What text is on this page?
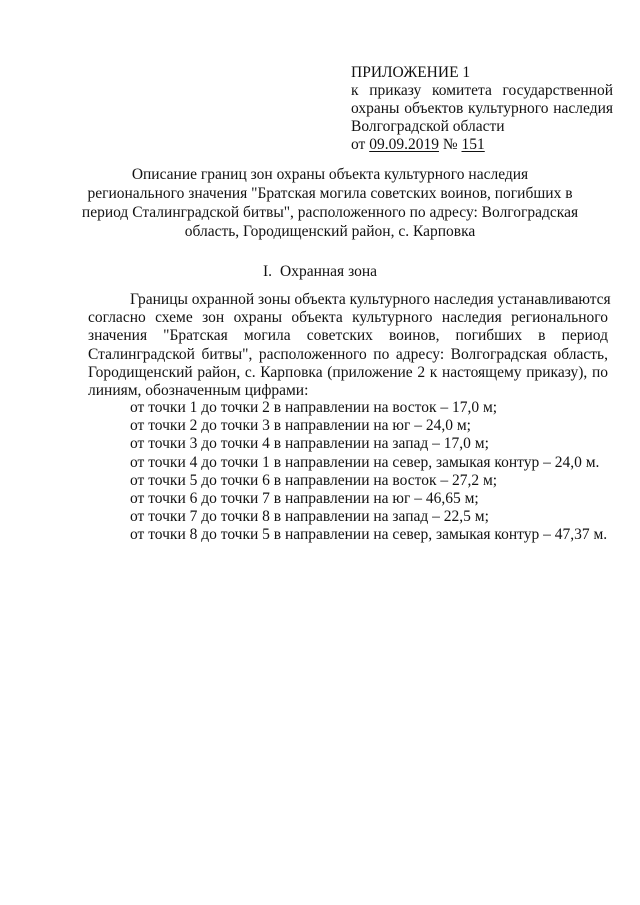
ПРИЛОЖЕНИЕ 1
к приказу комитета государственной
охраны объектов культурного наследия
Волгоградской области
от 09.09.2019 № 151
Описание границ зон охраны объекта культурного наследия
регионального значения "Братская могила советских воинов, погибших в
период Сталинградской битвы", расположенного по адресу: Волгоградская
область, Городищенский район, с. Карповка
I. Охранная зона
Границы охранной зоны объекта культурного наследия устанавливаются
согласно схеме зон охраны объекта культурного наследия регионального
значения "Братская могила советских воинов, погибших в период
Сталинградской битвы", расположенного по адресу: Волгоградская область,
Городищенский район, с. Карповка (приложение 2 к настоящему приказу), по
линиям, обозначенным цифрами:
от точки 1 до точки 2 в направлении на восток – 17,0 м;
от точки 2 до точки 3 в направлении на юг – 24,0 м;
от точки 3 до точки 4 в направлении на запад – 17,0 м;
от точки 4 до точки 1 в направлении на север, замыкая контур – 24,0 м.
от точки 5 до точки 6 в направлении на восток – 27,2 м;
от точки 6 до точки 7 в направлении на юг – 46,65 м;
от точки 7 до точки 8 в направлении на запад – 22,5 м;
от точки 8 до точки 5 в направлении на север, замыкая контур – 47,37 м.
